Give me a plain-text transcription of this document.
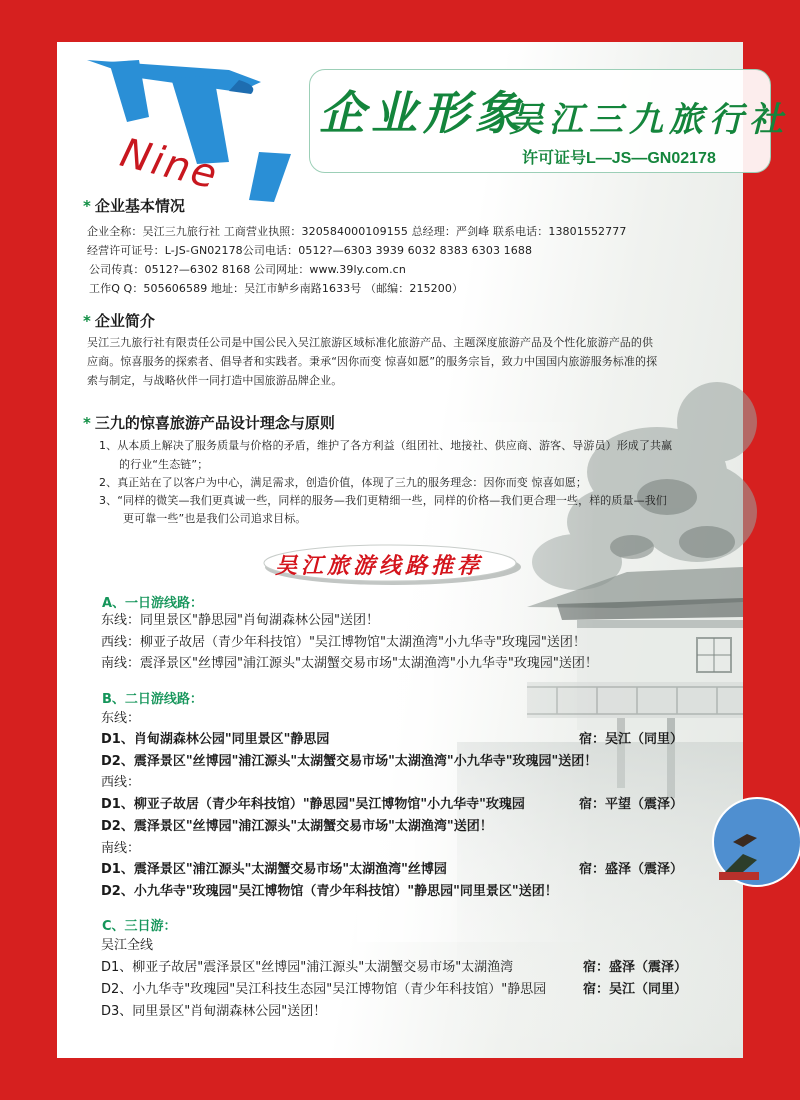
Nine
企业形象
吴江三九旅行社
许可证号L—JS—GN02178
* 企业基本情况
企业全称：吴江三九旅行社 工商营业执照：320584000109155 总经理：严剑峰 联系电话：13801552777
经营许可证号：L-JS-GN02178公司电话：0512?—6303 3939 6032 8383 6303 1688
公司传真：0512?—6302 8168 公司网址：www.39ly.com.cn
工作Q Q：505606589 地址：吴江市鲈乡南路1633号 （邮编：215200）
* 企业简介
吴江三九旅行社有限责任公司是中国公民入吴江旅游区域标准化旅游产品、主题深度旅游产品及个性化旅游产品的供
应商。惊喜服务的探索者、倡导者和实践者。秉承“因你而变 惊喜如愿”的服务宗旨，致力中国国内旅游服务标准的探
索与制定，与战略伙伴一同打造中国旅游品牌企业。
* 三九的惊喜旅游产品设计理念与原则
1、从本质上解决了服务质量与价格的矛盾，维护了各方利益（组团社、地接社、供应商、游客、导游员）形成了共赢
的行业“生态链”；
2、真正站在了以客户为中心，满足需求，创造价值，体现了三九的服务理念：因你而变 惊喜如愿；
3、“同样的微笑—我们更真诚一些，同样的服务—我们更精细一些，同样的价格—我们更合理一些，样的质量—我们
更可靠一些”也是我们公司追求目标。
吴江旅游线路推荐
A、一日游线路：
东线：同里景区"静思园"肖甸湖森林公园"送团！
西线：柳亚子故居（青少年科技馆）"吴江博物馆"太湖渔湾"小九华寺"玫瑰园"送团！
南线：震泽景区"丝博园"浦江源头"太湖蟹交易市场"太湖渔湾"小九华寺"玫瑰园"送团！
B、二日游线路：
东线：
D1、肖甸湖森林公园"同里景区"静思园	宿：吴江（同里）
D2、震泽景区"丝博园"浦江源头"太湖蟹交易市场"太湖渔湾"小九华寺"玫瑰园"送团！
西线：
D1、柳亚子故居（青少年科技馆）"静思园"吴江博物馆"小九华寺"玫瑰园	宿：平望（震泽）
D2、震泽景区"丝博园"浦江源头"太湖蟹交易市场"太湖渔湾"送团！
南线：
D1、震泽景区"浦江源头"太湖蟹交易市场"太湖渔湾"丝博园	宿：盛泽（震泽）
D2、小九华寺"玫瑰园"吴江博物馆（青少年科技馆）"静思园"同里景区"送团！
C、三日游：
吴江全线
D1、柳亚子故居"震泽景区"丝博园"浦江源头"太湖蟹交易市场"太湖渔湾	宿：盛泽（震泽）
D2、小九华寺"玫瑰园"吴江科技生态园"吴江博物馆（青少年科技馆）"静思园	宿：吴江（同里）
D3、同里景区"肖甸湖森林公园"送团！
